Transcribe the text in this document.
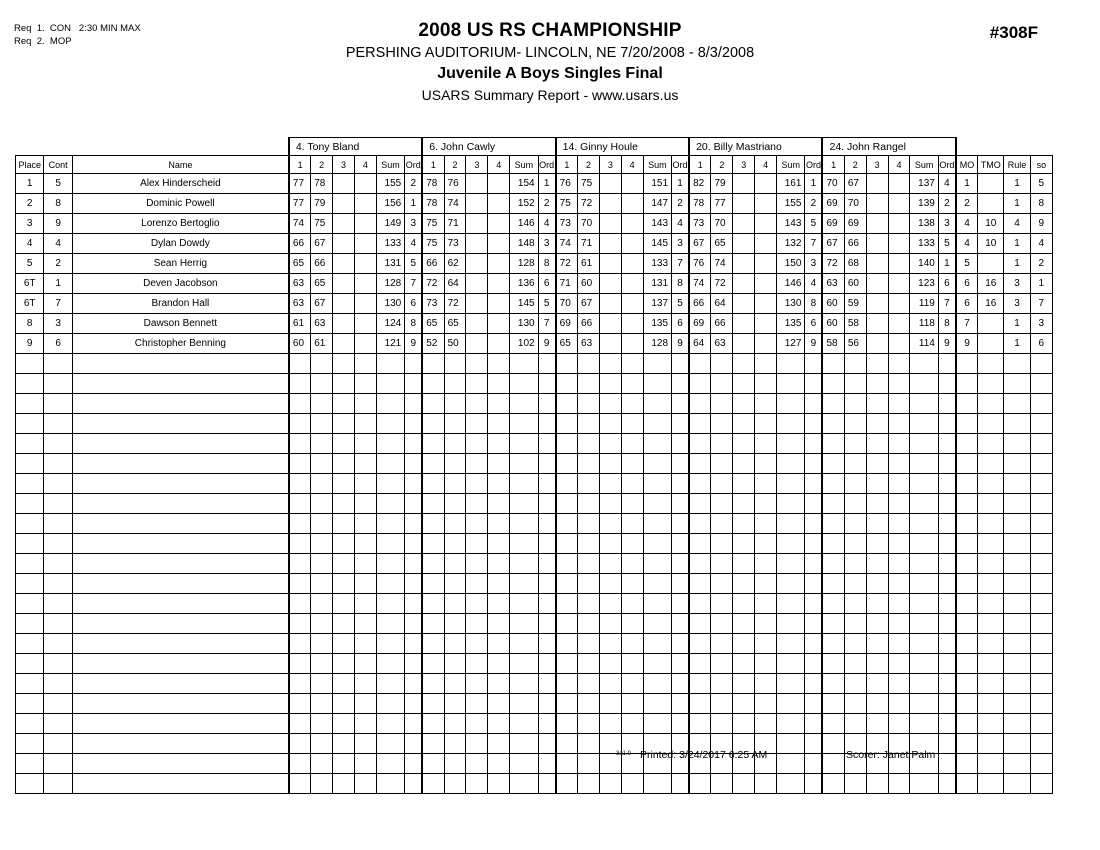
Req  1.  CON   2:30 MIN MAX
Req  2.  MOP
2008 US RS CHAMPIONSHIP
PERSHING AUDITORIUM- LINCOLN, NE 7/20/2008 - 8/3/2008
Juvenile A Boys Singles Final
USARS Summary Report - www.usars.us
#308F
			4. Tony Bland						6. John Cawly						14. Ginny Houle						20. Billy Mastriano						24. John Rangel									
Place	Cont	Name	1	2	3	4	Sum	Ord	1	2	3	4	Sum	Ord	1	2	3	4	Sum	Ord	1	2	3	4	Sum	Ord	1	2	3	4	Sum	Ord	MO	TMO	Rule	so
1	5	Alex Hinderscheid	77	78			155	2	78	76			154	1	76	75			151	1	82	79			161	1	70	67			137	4	1		1	5
2	8	Dominic Powell	77	79			156	1	78	74			152	2	75	72			147	2	78	77			155	2	69	70			139	2	2		1	8
3	9	Lorenzo Bertoglio	74	75			149	3	75	71			146	4	73	70			143	4	73	70			143	5	69	69			138	3	4	10	4	9
4	4	Dylan Dowdy	66	67			133	4	75	73			148	3	74	71			145	3	67	65			132	7	67	66			133	5	4	10	1	4
5	2	Sean Herrig	65	66			131	5	66	62			128	8	72	61			133	7	76	74			150	3	72	68			140	1	5		1	2
6T	1	Deven Jacobson	63	65			128	7	72	64			136	6	71	60			131	8	74	72			146	4	63	60			123	6	6	16	3	1
6T	7	Brandon Hall	63	67			130	6	73	72			145	5	70	67			137	5	66	64			130	8	60	59			119	7	6	16	3	7
8	3	Dawson Bennett	61	63			124	8	65	65			130	7	69	66			135	6	69	66			135	6	60	58			118	8	7		1	3
9	6	Christopher Benning	60	61			121	9	52	50			102	9	65	63			128	9	64	63			127	9	58	56			114	9	9		1	6

3a1.0 Printed: 3/24/2017 6:25 AM	Scorer: Janet Palm
